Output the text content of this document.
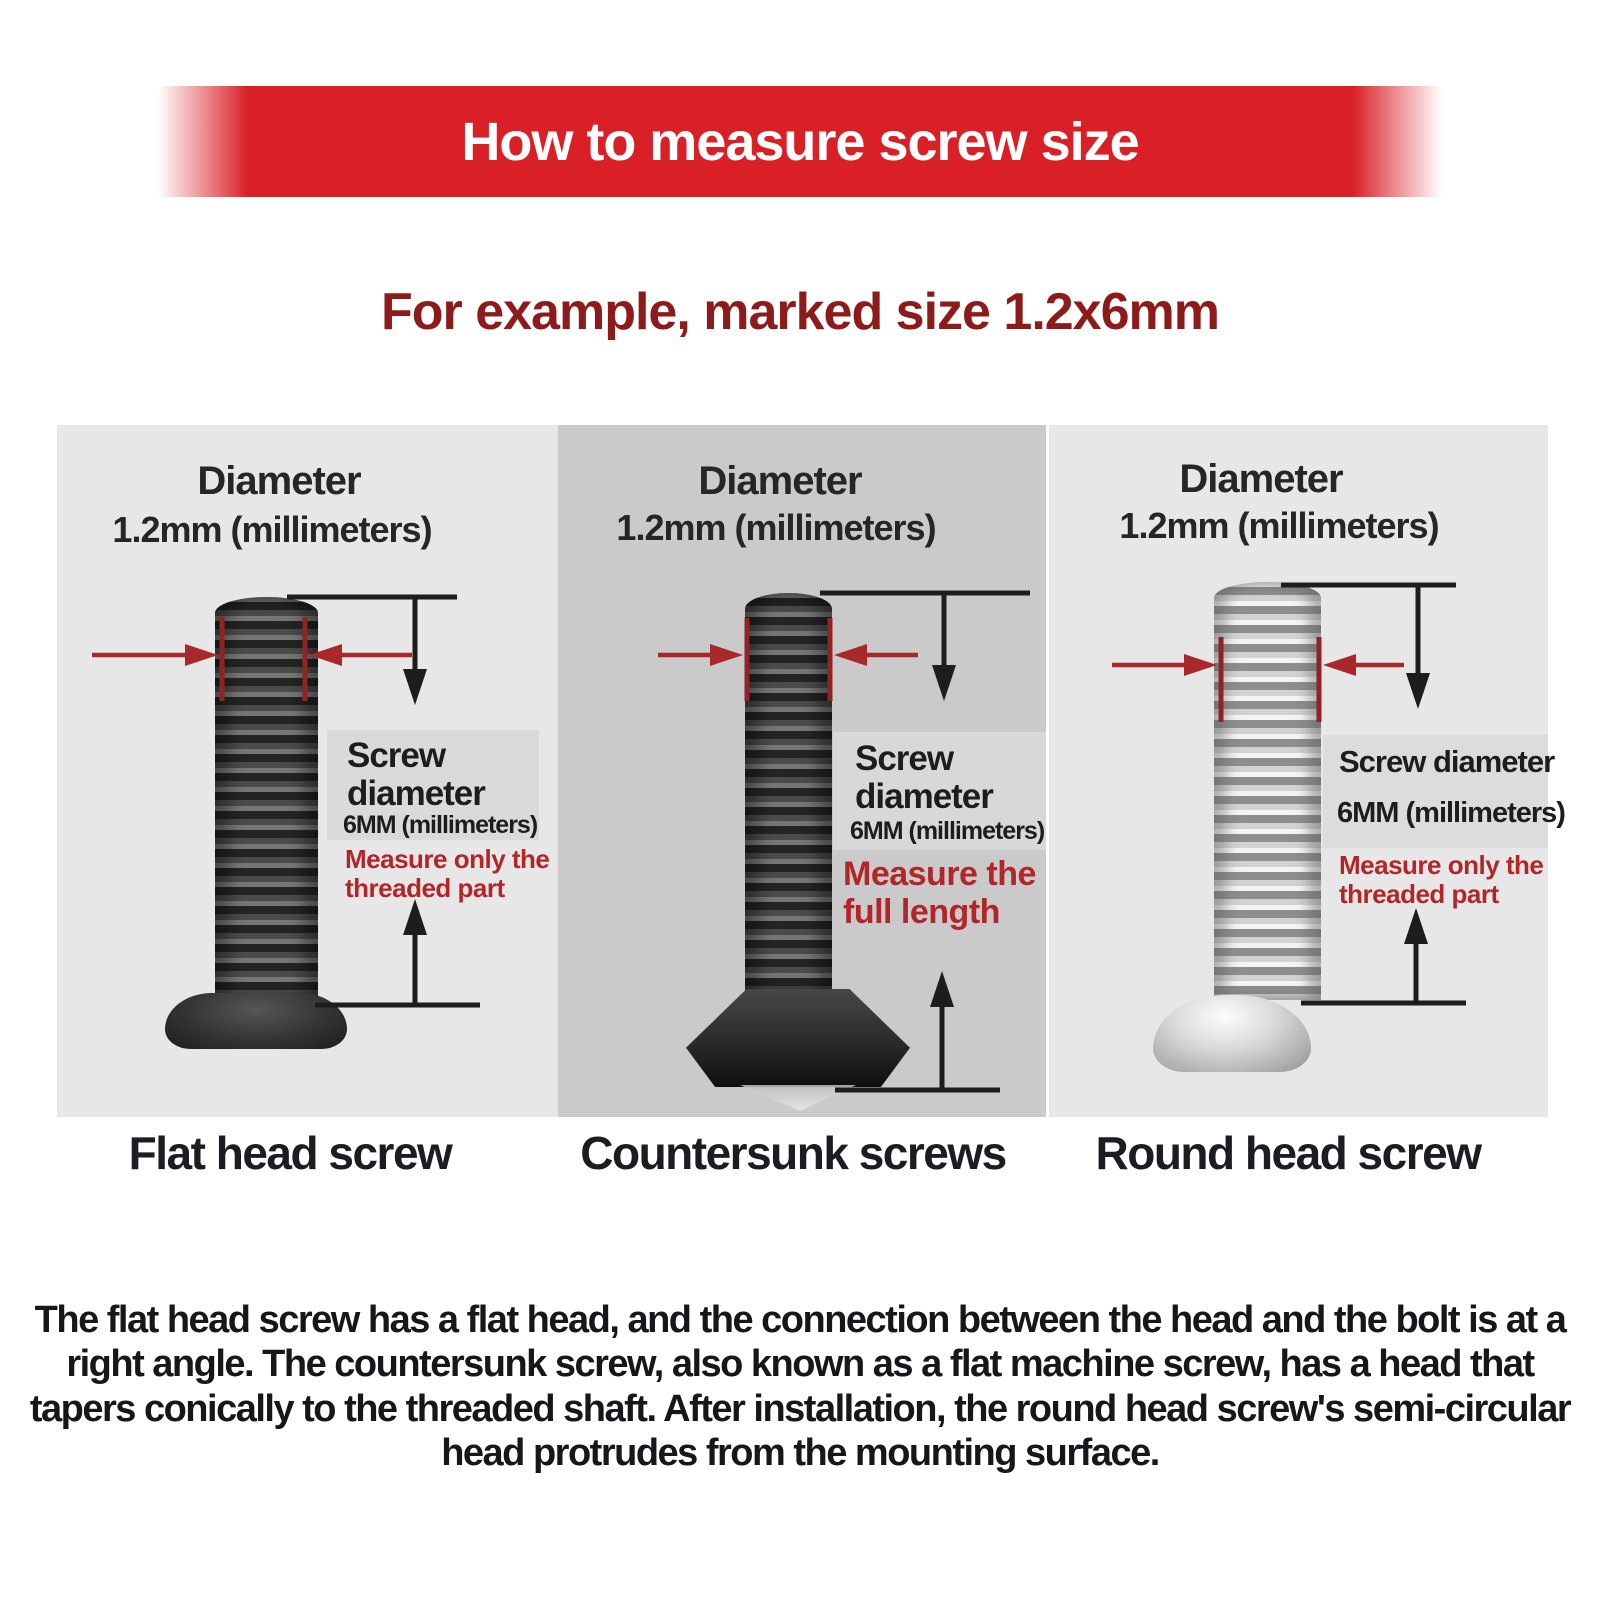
How to measure screw size
For example, marked size 1.2x6mm
Diameter
1.2mm (millimeters)
Screw diameter
6MM (millimeters)
Measure only the threaded part
Diameter
1.2mm (millimeters)
Screw diameter
6MM (millimeters)
Measure the full length
Diameter
1.2mm (millimeters)
Screw diameter
6MM (millimeters)
Measure only the threaded part
Flat head screw	Countersunk screws	Round head screw
The flat head screw has a flat head, and the connection between the head and the bolt is at a right angle. The countersunk screw, also known as a flat machine screw, has a head that tapers conically to the threaded shaft. After installation, the round head screw's semi-circular head protrudes from the mounting surface.
